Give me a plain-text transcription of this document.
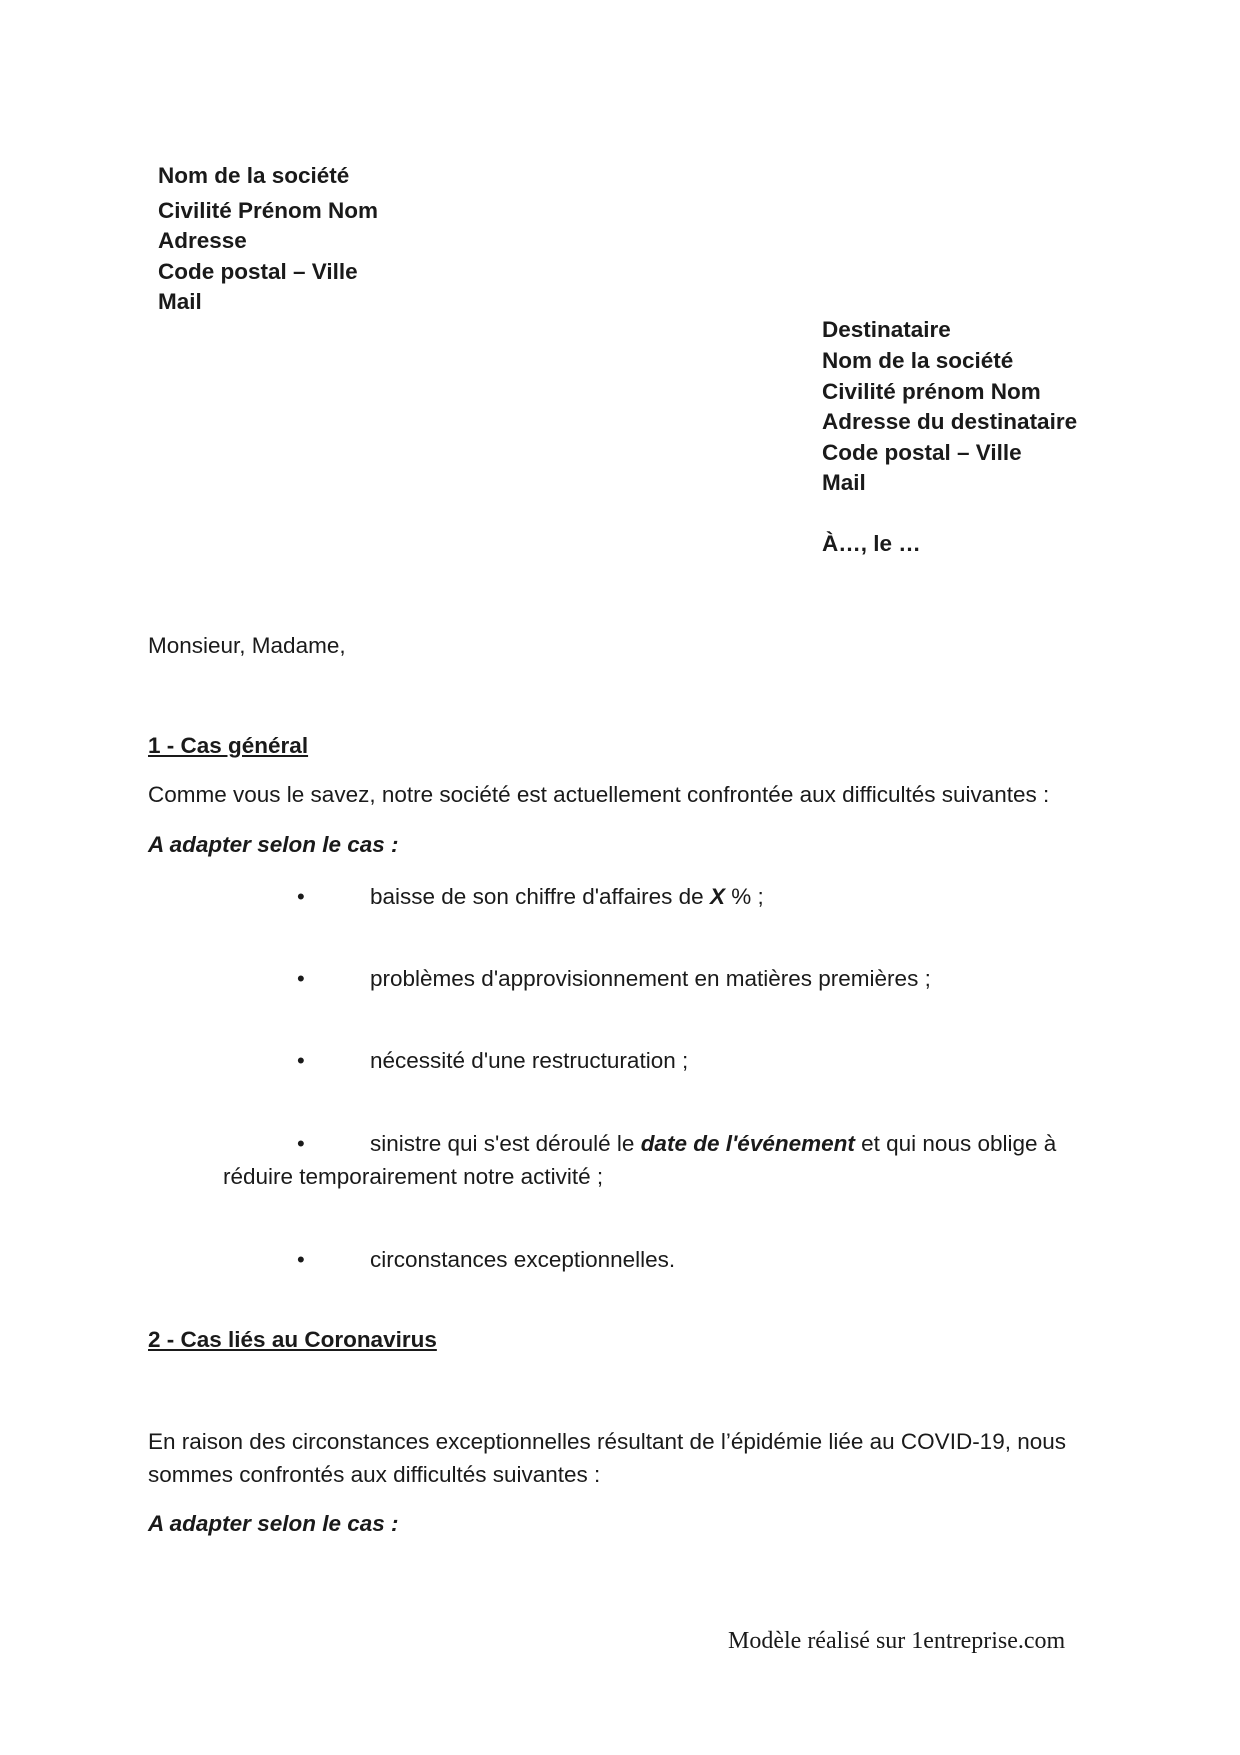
Nom de la société
Civilité Prénom Nom
Adresse
Code postal – Ville
Mail
Destinataire
Nom de la société
Civilité prénom Nom
Adresse du destinataire
Code postal – Ville
Mail
À…, le …
Monsieur, Madame,
1 - Cas général
Comme vous le savez, notre société est actuellement confrontée aux difficultés suivantes :
A adapter selon le cas :
•	baisse de son chiffre d'affaires de X % ;
•	problèmes d'approvisionnement en matières premières ;
•	nécessité d'une restructuration ;
•	sinistre qui s'est déroulé le date de l'événement et qui nous oblige à
réduire temporairement notre activité ;
•	circonstances exceptionnelles.
2 - Cas liés au Coronavirus
En raison des circonstances exceptionnelles résultant de l’épidémie liée au COVID-19, nous
sommes confrontés aux difficultés suivantes :
A adapter selon le cas :
Modèle réalisé sur 1entreprise.com
